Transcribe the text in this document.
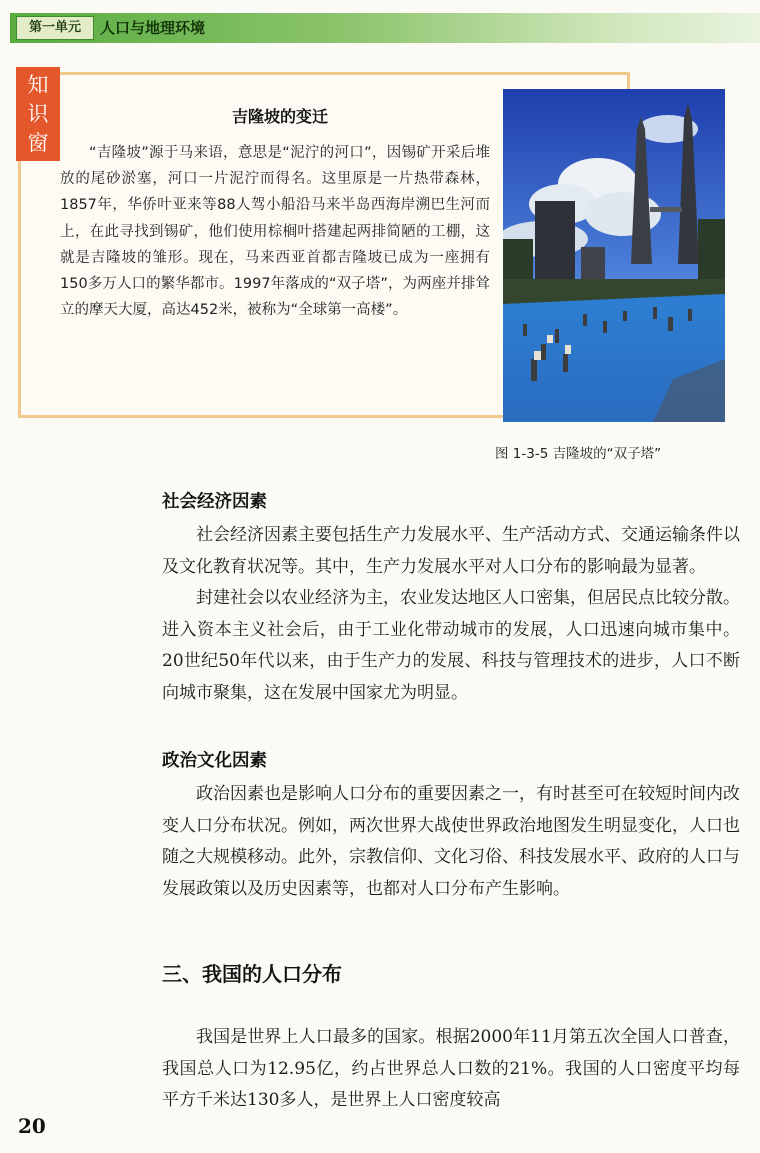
第一单元	人口与地理环境
知
识
窗
吉隆坡的变迁
“吉隆坡”源于马来语，意思是“泥泞的河口”，因锡矿开采后堆放的尾砂淤塞，河口一片泥泞而得名。这里原是一片热带森林，1857年，华侨叶亚来等88人驾小船沿马来半岛西海岸溯巴生河而上，在此寻找到锡矿，他们使用棕榈叶搭建起两排简陋的工棚，这就是吉隆坡的雏形。现在，马来西亚首都吉隆坡已成为一座拥有150多万人口的繁华都市。1997年落成的“双子塔”，为两座并排耸立的摩天大厦，高达452米，被称为“全球第一高楼”。
图 1-3-5 吉隆坡的“双子塔”
社会经济因素

社会经济因素主要包括生产力发展水平、生产活动方式、交通运输条件以及文化教育状况等。其中，生产力发展水平对人口分布的影响最为显著。

封建社会以农业经济为主，农业发达地区人口密集，但居民点比较分散。进入资本主义社会后，由于工业化带动城市的发展，人口迅速向城市集中。20世纪50年代以来，由于生产力的发展、科技与管理技术的进步，人口不断向城市聚集，这在发展中国家尤为明显。

政治文化因素

政治因素也是影响人口分布的重要因素之一，有时甚至可在较短时间内改变人口分布状况。例如，两次世界大战使世界政治地图发生明显变化，人口也随之大规模移动。此外，宗教信仰、文化习俗、科技发展水平、政府的人口与发展政策以及历史因素等，也都对人口分布产生影响。

三、我国的人口分布

我国是世界上人口最多的国家。根据2000年11月第五次全国人口普查，我国总人口为12.95亿，约占世界总人口数的21%。我国的人口密度平均每平方千米达130多人，是世界上人口密度较高

20
